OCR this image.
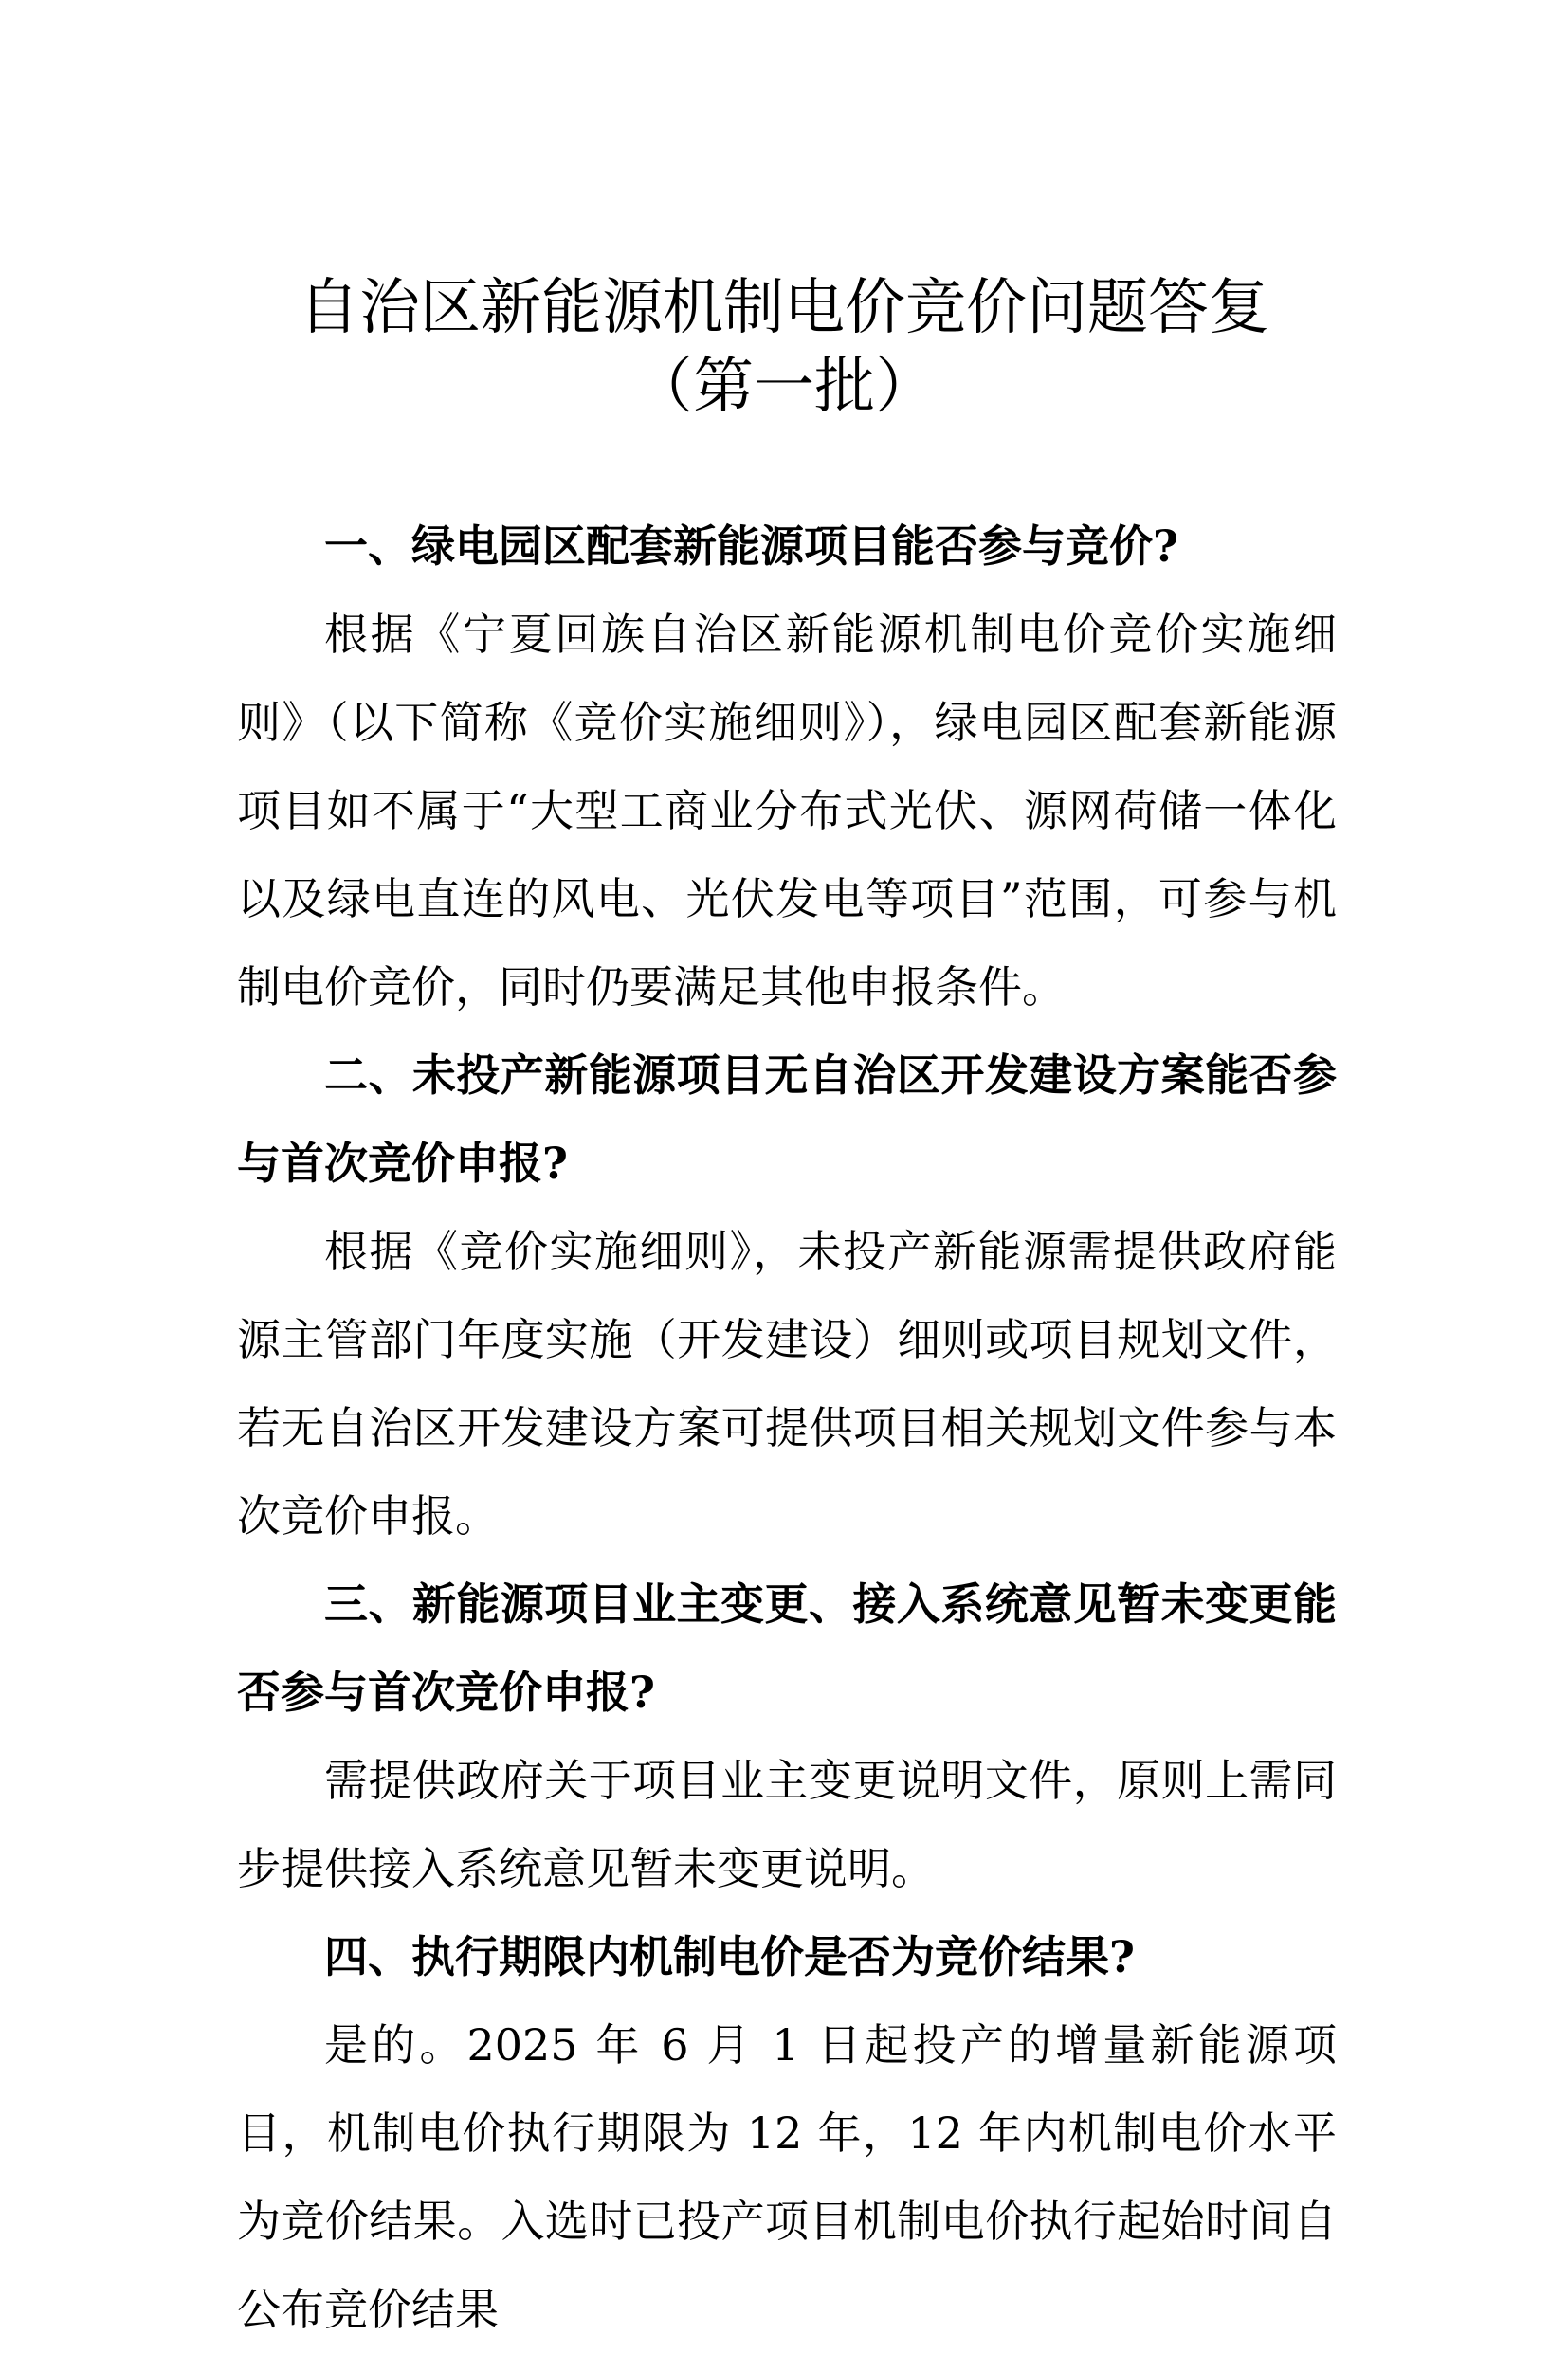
自治区新能源机制电价竞价问题答复
（第一批）

一、绿电园区配套新能源项目能否参与竞价?

根据《宁夏回族自治区新能源机制电价竞价实施细则》（以下简称《竞价实施细则》），绿电园区配套新能源项目如不属于“大型工商业分布式光伏、源网荷储一体化以及绿电直连的风电、光伏发电等项目”范围，可参与机制电价竞价，同时仍要满足其他申报条件。

二、未投产新能源项目无自治区开发建设方案能否参与首次竞价申报?

根据《竞价实施细则》，未投产新能源需提供政府能源主管部门年度实施（开发建设）细则或项目规划文件，若无自治区开发建设方案可提供项目相关规划文件参与本次竞价申报。

三、新能源项目业主变更、接入系统意见暂未变更能否参与首次竞价申报?

需提供政府关于项目业主变更说明文件，原则上需同步提供接入系统意见暂未变更说明。

四、执行期限内机制电价是否为竞价结果?

是的。2025 年 6 月 1 日起投产的增量新能源项目，机制电价执行期限为 12 年，12 年内机制电价水平为竞价结果。入选时已投产项目机制电价执行起始时间自公布竞价结果
